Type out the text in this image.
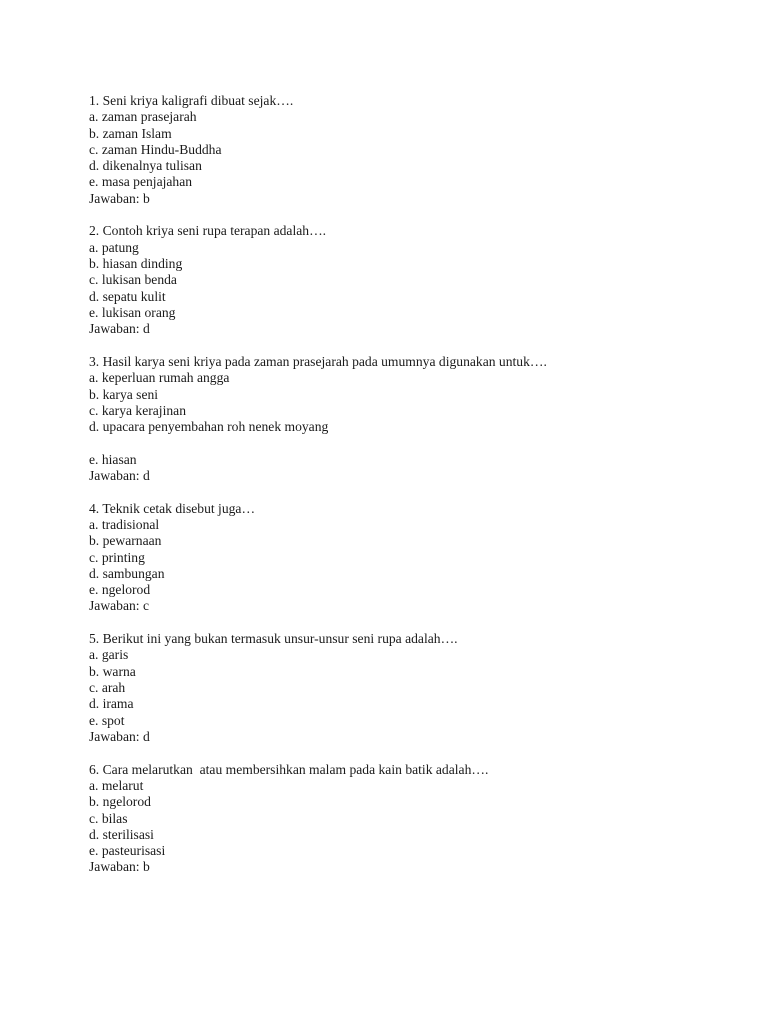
1. Seni kriya kaligrafi dibuat sejak….
a. zaman prasejarah
b. zaman Islam
c. zaman Hindu-Buddha
d. dikenalnya tulisan
e. masa penjajahan
Jawaban: b
2. Contoh kriya seni rupa terapan adalah….
a. patung
b. hiasan dinding
c. lukisan benda
d. sepatu kulit
e. lukisan orang
Jawaban: d
3. Hasil karya seni kriya pada zaman prasejarah pada umumnya digunakan untuk….
a. keperluan rumah angga
b. karya seni
c. karya kerajinan
d. upacara penyembahan roh nenek moyang
e. hiasan
Jawaban: d
4. Teknik cetak disebut juga…
a. tradisional
b. pewarnaan
c. printing
d. sambungan
e. ngelorod
Jawaban: c
5. Berikut ini yang bukan termasuk unsur-unsur seni rupa adalah….
a. garis
b. warna
c. arah
d. irama
e. spot
Jawaban: d
6. Cara melarutkan  atau membersihkan malam pada kain batik adalah….
a. melarut
b. ngelorod
c. bilas
d. sterilisasi
e. pasteurisasi
Jawaban: b
